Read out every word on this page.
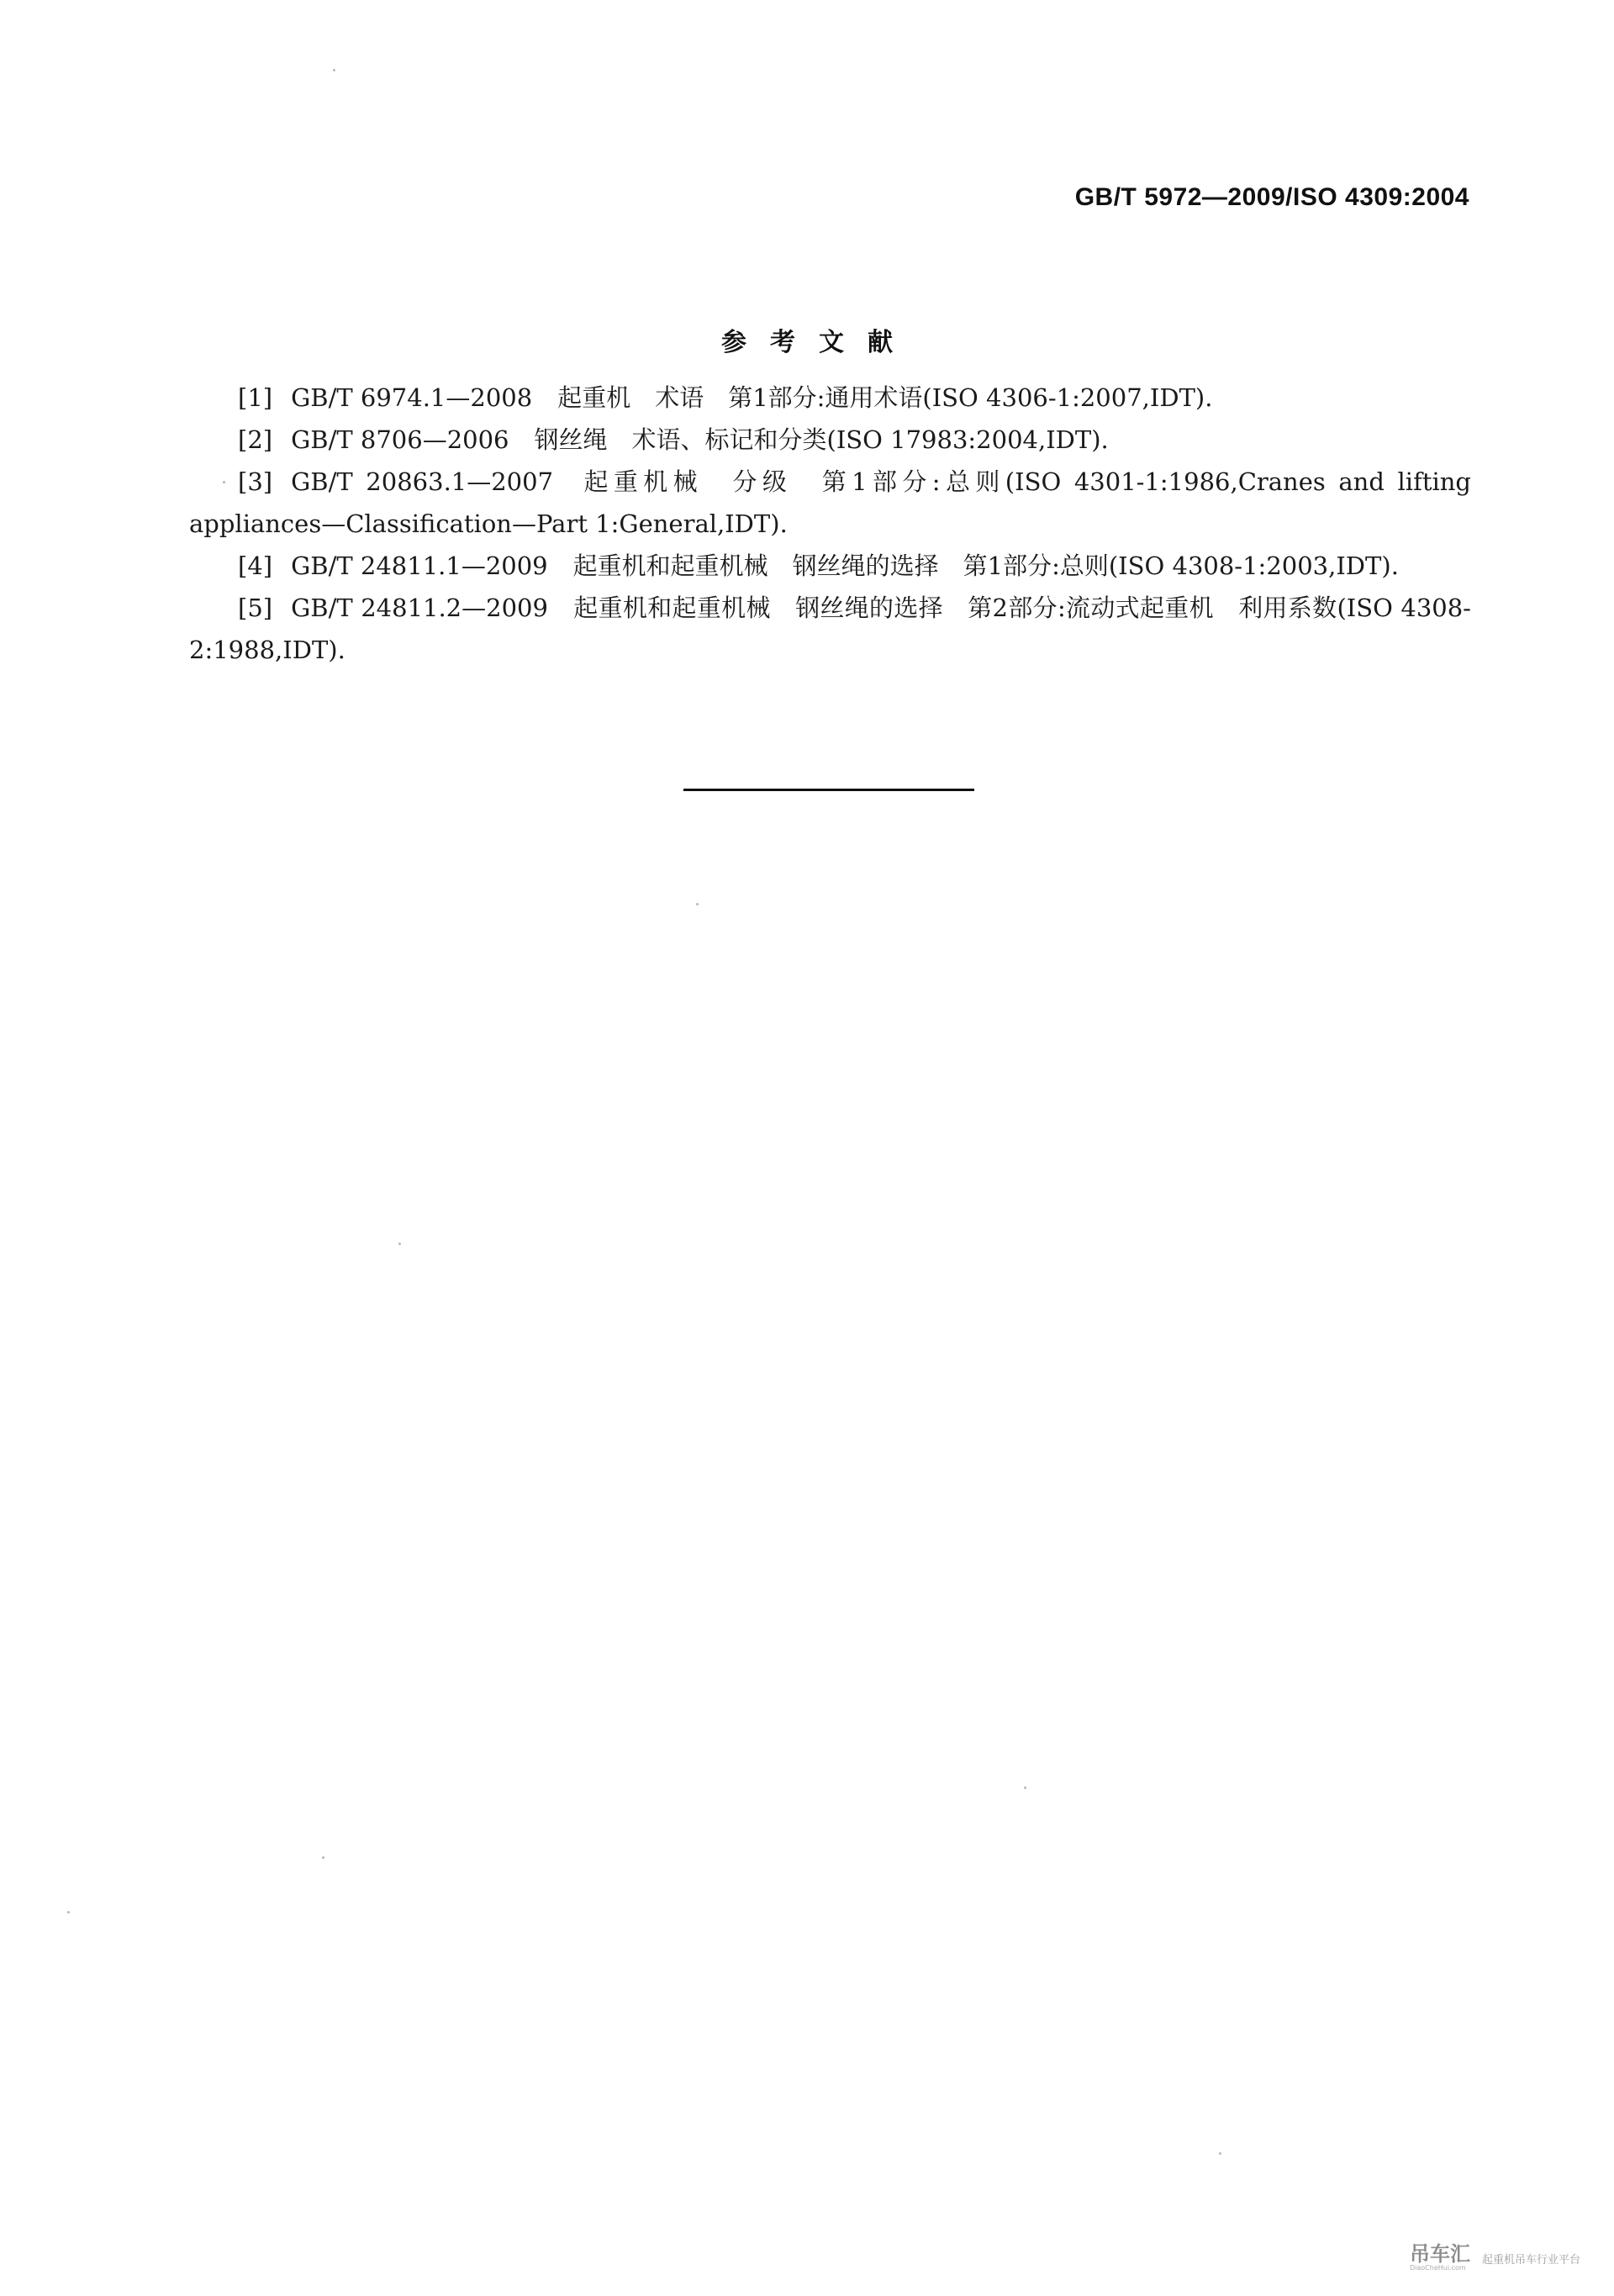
GB/T 5972—2009/ISO 4309:2004
参考文献
[1] GB/T 6974.1—2008 起重机　术语　第1部分:通用术语(ISO 4306-1:2007,IDT).
[2] GB/T 8706—2006 钢丝绳　术语、标记和分类(ISO 17983:2004,IDT).
[3] GB/T 20863.1—2007 起重机械　分级　第1部分:总则(ISO 4301-1:1986,Cranes and lifting appliances—Classification—Part 1:General,IDT).
[4] GB/T 24811.1—2009 起重机和起重机械　钢丝绳的选择　第1部分:总则(ISO 4308-1:2003,IDT).
[5] GB/T 24811.2—2009 起重机和起重机械　钢丝绳的选择　第2部分:流动式起重机　利用系数(ISO 4308-2:1988,IDT).
吊车汇
DiaoCheHui.com
起重机吊车行业平台
